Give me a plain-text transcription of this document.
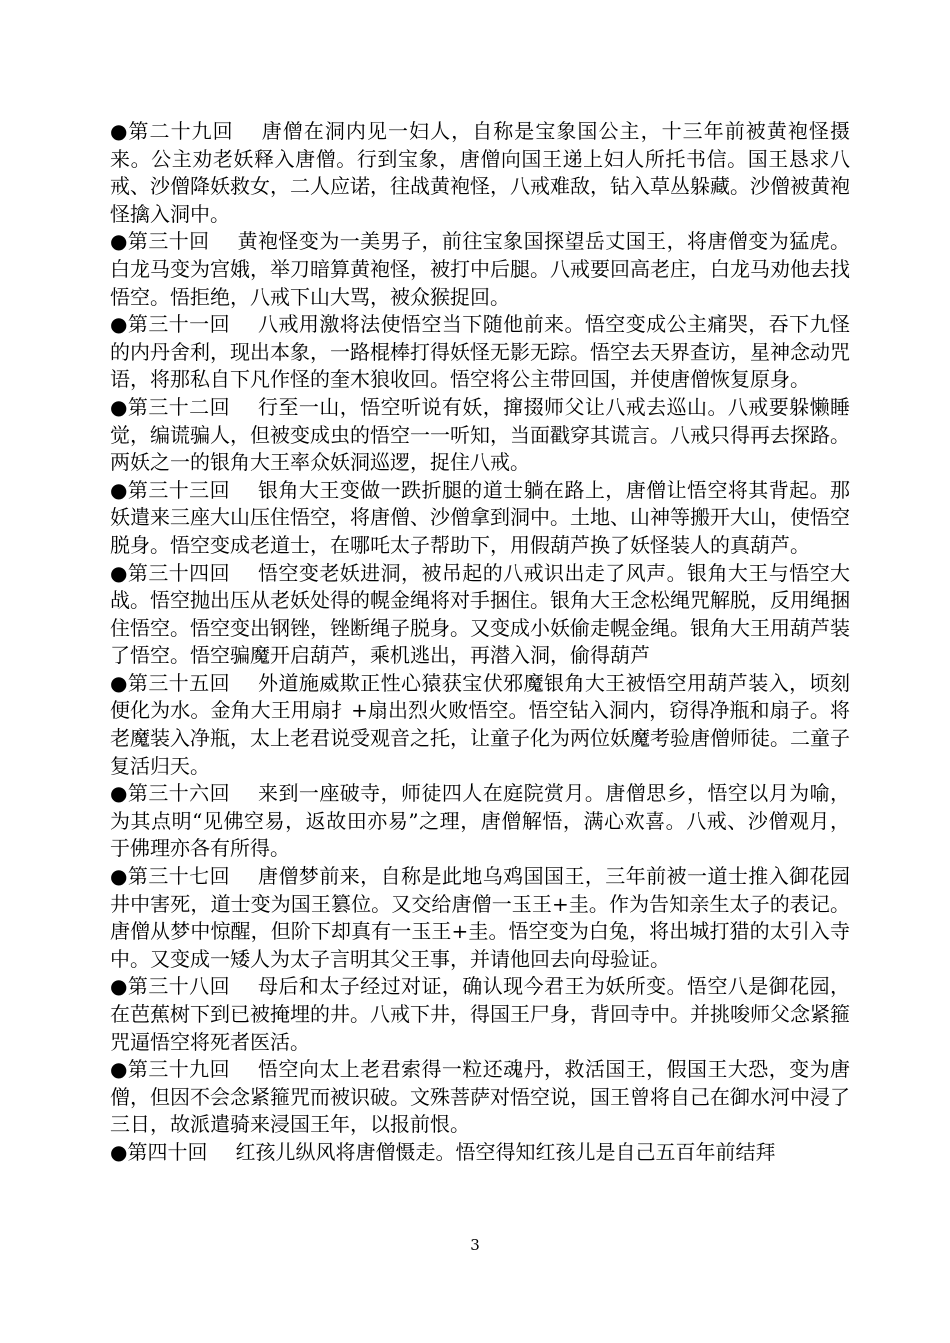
●第二十九回 唐僧在洞内见一妇人，自称是宝象国公主，十三年前被黄袍怪摄来。公主劝老妖释入唐僧。行到宝象，唐僧向国王递上妇人所托书信。国王恳求八戒、沙僧降妖救女，二人应诺，往战黄袍怪，八戒难敌，钻入草丛躲藏。沙僧被黄袍怪擒入洞中。

●第三十回 黄袍怪变为一美男子，前往宝象国探望岳丈国王，将唐僧变为猛虎。白龙马变为宫娥，举刀暗算黄袍怪，被打中后腿。八戒要回高老庄，白龙马劝他去找悟空。悟拒绝，八戒下山大骂，被众猴捉回。

●第三十一回 八戒用激将法使悟空当下随他前来。悟空变成公主痛哭，吞下九怪的内丹舍利，现出本象，一路棍棒打得妖怪无影无踪。悟空去天界查访，星神念动咒语，将那私自下凡作怪的奎木狼收回。悟空将公主带回国，并使唐僧恢复原身。

●第三十二回 行至一山，悟空听说有妖，撺掇师父让八戒去巡山。八戒要躲懒睡觉，编谎骗人，但被变成虫的悟空一一听知，当面戳穿其谎言。八戒只得再去探路。两妖之一的银角大王率众妖洞巡逻，捉住八戒。

●第三十三回 银角大王变做一跌折腿的道士躺在路上，唐僧让悟空将其背起。那妖遣来三座大山压住悟空，将唐僧、沙僧拿到洞中。土地、山神等搬开大山，使悟空脱身。悟空变成老道士，在哪吒太子帮助下，用假葫芦换了妖怪装人的真葫芦。

●第三十四回 悟空变老妖进洞，被吊起的八戒识出走了风声。银角大王与悟空大战。悟空抛出压从老妖处得的幌金绳将对手捆住。银角大王念松绳咒解脱，反用绳捆住悟空。悟空变出钢锉，锉断绳子脱身。又变成小妖偷走幌金绳。银角大王用葫芦装了悟空。悟空骗魔开启葫芦，乘机逃出，再潜入洞，偷得葫芦

●第三十五回 外道施威欺正性心猿获宝伏邪魔银角大王被悟空用葫芦装入，顷刻便化为水。金角大王用扇扌+扇出烈火败悟空。悟空钻入洞内，窃得净瓶和扇子。将老魔装入净瓶，太上老君说受观音之托，让童子化为两位妖魔考验唐僧师徒。二童子复活归天。

●第三十六回 来到一座破寺，师徒四人在庭院赏月。唐僧思乡，悟空以月为喻，为其点明“见佛空易，返故田亦易”之理，唐僧解悟，满心欢喜。八戒、沙僧观月，于佛理亦各有所得。

●第三十七回 唐僧梦前来，自称是此地乌鸡国国王，三年前被一道士推入御花园井中害死，道士变为国王篡位。又交给唐僧一玉王+圭。作为告知亲生太子的表记。唐僧从梦中惊醒，但阶下却真有一玉王+圭。悟空变为白兔，将出城打猎的太引入寺中。又变成一矮人为太子言明其父王事，并请他回去向母验证。

●第三十八回 母后和太子经过对证，确认现今君王为妖所变。悟空八是御花园，在芭蕉树下到已被掩埋的井。八戒下井，得国王尸身，背回寺中。并挑唆师父念紧箍咒逼悟空将死者医活。

●第三十九回 悟空向太上老君索得一粒还魂丹，救活国王，假国王大恐，变为唐僧，但因不会念紧箍咒而被识破。文殊菩萨对悟空说，国王曾将自己在御水河中浸了三日，故派遣骑来浸国王年，以报前恨。

●第四十回 红孩儿纵风将唐僧慑走。悟空得知红孩儿是自己五百年前结拜

3
